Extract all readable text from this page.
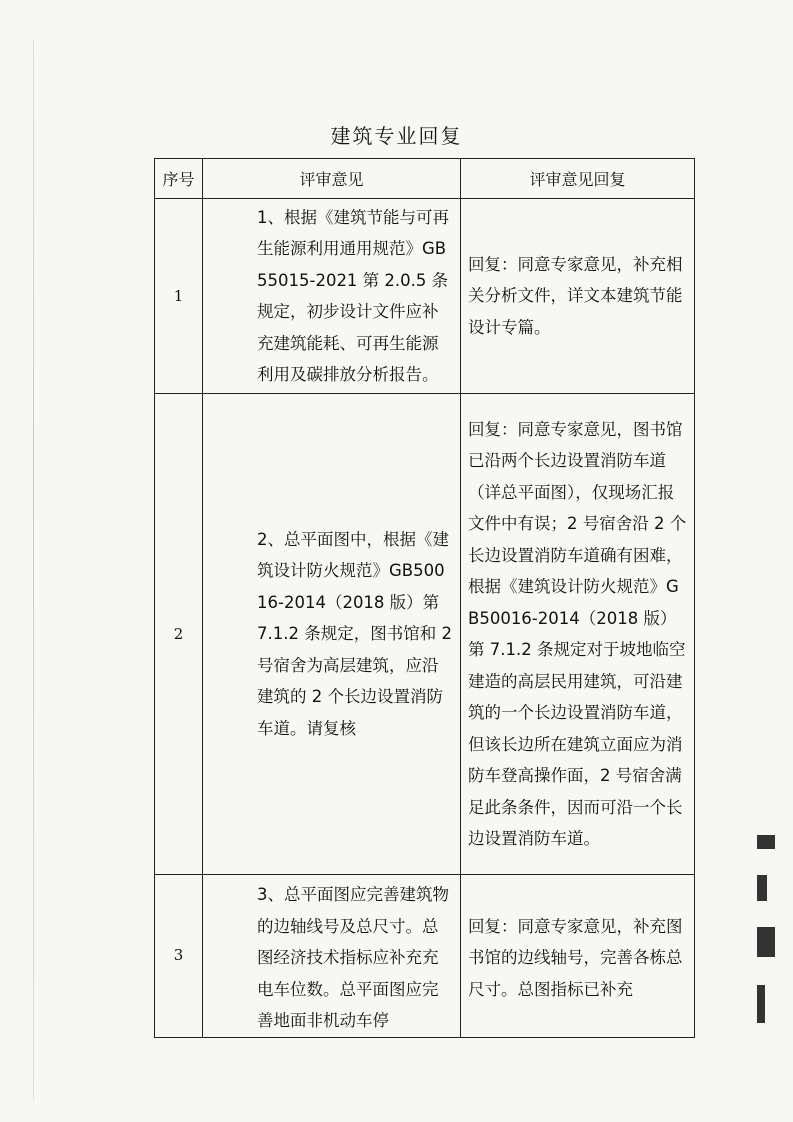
建筑专业回复
序号	评审意见	评审意见回复
1	1、根据《建筑节能与可再生能源利用通用规范》GB55015-2021 第 2.0.5 条规定，初步设计文件应补充建筑能耗、可再生能源利用及碳排放分析报告。	回复：同意专家意见，补充相关分析文件，详文本建筑节能设计专篇。

2	2、总平面图中，根据《建筑设计防火规范》GB50016-2014（2018 版）第 7.1.2 条规定，图书馆和 2 号宿舍为高层建筑，应沿建筑的 2 个长边设置消防车道。请复核	回复：同意专家意见，图书馆已沿两个长边设置消防车道（详总平面图），仅现场汇报文件中有误；2 号宿舍沿 2 个长边设置消防车道确有困难，根据《建筑设计防火规范》GB50016-2014（2018 版）第 7.1.2 条规定对于坡地临空建造的高层民用建筑，可沿建筑的一个长边设置消防车道，但该长边所在建筑立面应为消防车登高操作面，2 号宿舍满足此条条件，因而可沿一个长边设置消防车道。

3	3、总平面图应完善建筑物的边轴线号及总尺寸。总图经济技术指标应补充充电车位数。总平面图应完善地面非机动车停	回复：同意专家意见，补充图书馆的边线轴号，完善各栋总尺寸。总图指标已补充
